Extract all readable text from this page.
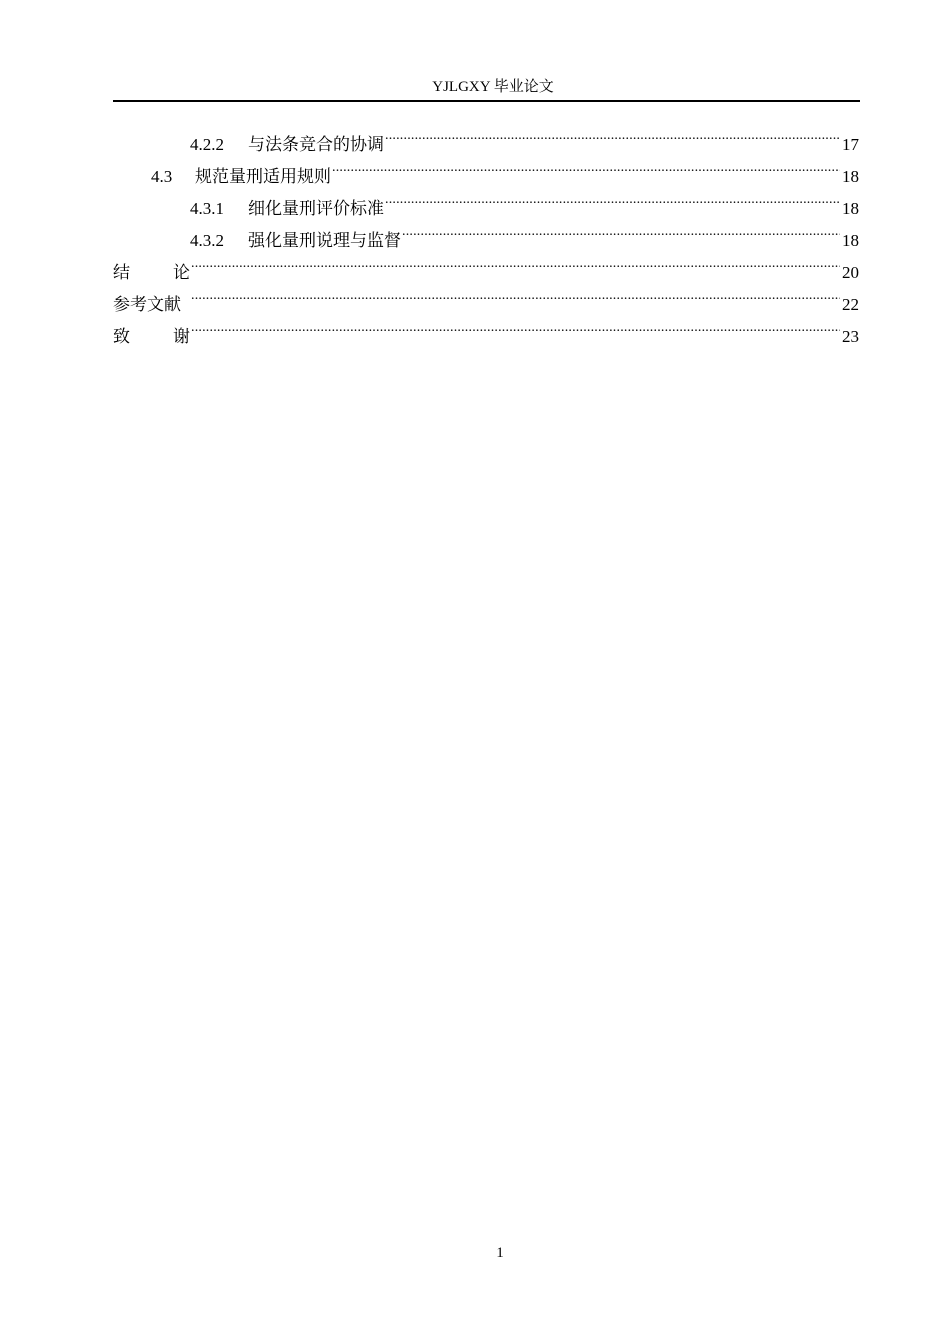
YJLGXY 毕业论文
4.2.2	与法条竞合的协调 .....	17
4.3	规范量刑适用规则 .....	18
4.3.1	细化量刑评价标准 .....	18
4.3.2	强化量刑说理与监督 .....	18
结	论 .....	20
参考文献 .....	22
致	谢 .....	23
1
